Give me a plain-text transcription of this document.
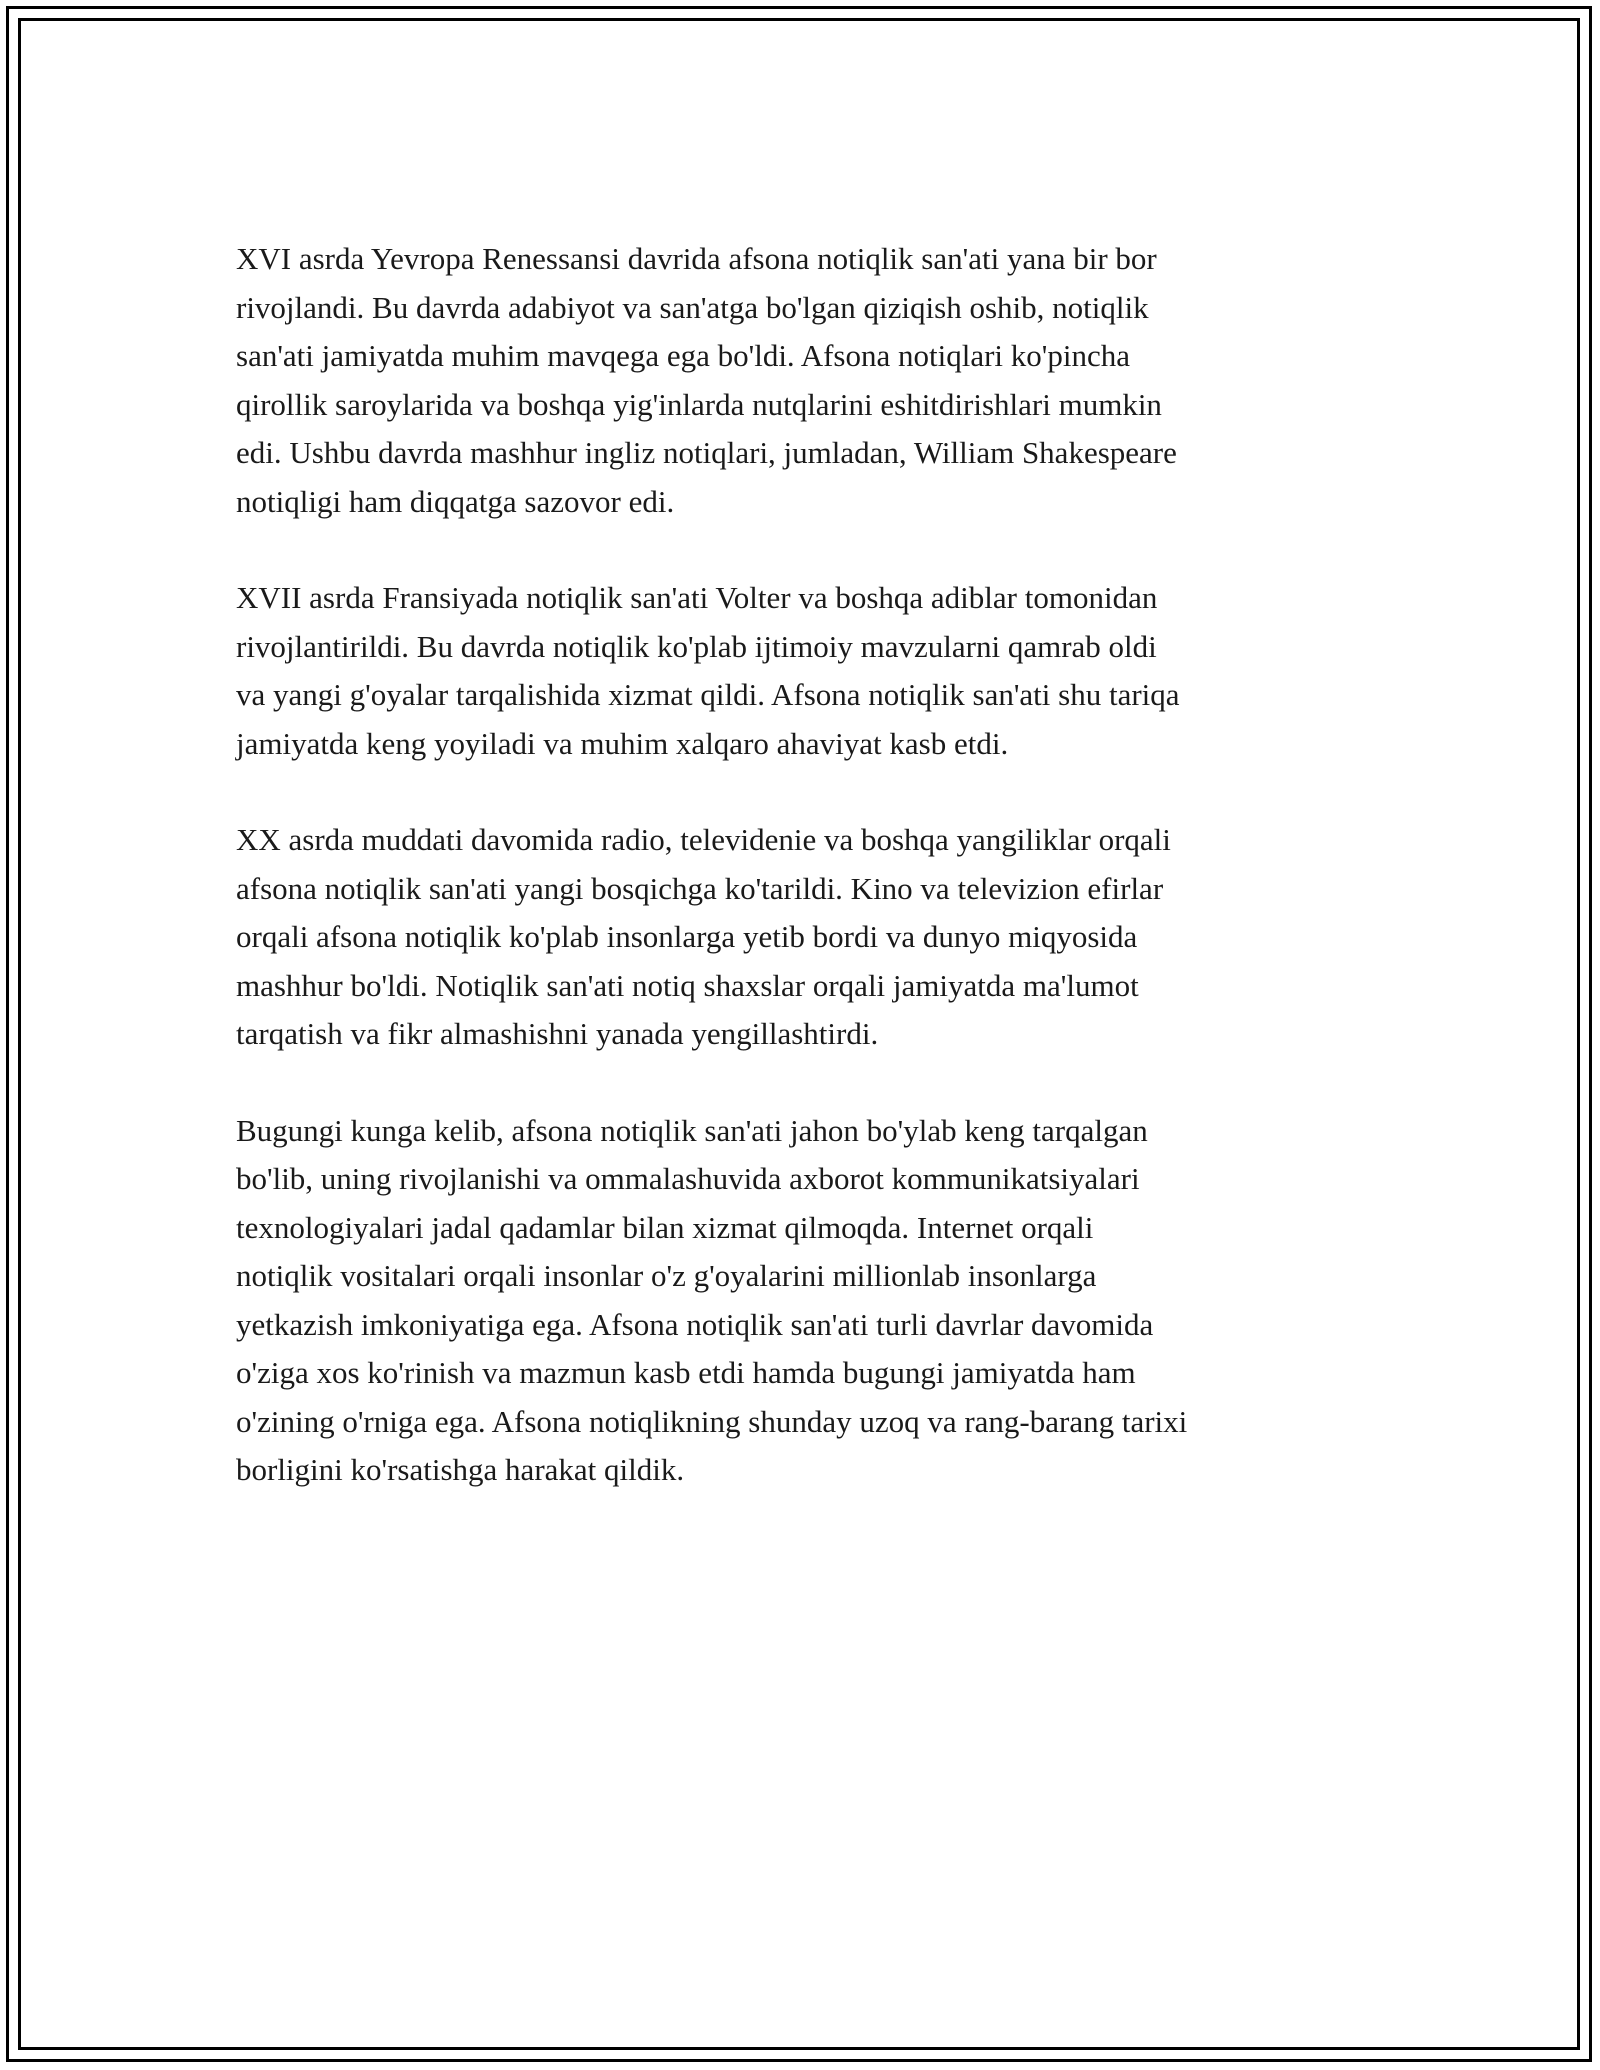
XVI asrda Yevropa Renessansi davrida afsona notiqlik san'ati yana bir bor
rivojlandi. Bu davrda adabiyot va san'atga bo'lgan qiziqish oshib, notiqlik
san'ati jamiyatda muhim mavqega ega bo'ldi. Afsona notiqlari ko'pincha
qirollik saroylarida va boshqa yig'inlarda nutqlarini eshitdirishlari mumkin
edi. Ushbu davrda mashhur ingliz notiqlari, jumladan, William Shakespeare
notiqligi ham diqqatga sazovor edi.

XVII asrda Fransiyada notiqlik san'ati Volter va boshqa adiblar tomonidan
rivojlantirildi. Bu davrda notiqlik ko'plab ijtimoiy mavzularni qamrab oldi
va yangi g'oyalar tarqalishida xizmat qildi. Afsona notiqlik san'ati shu tariqa
jamiyatda keng yoyiladi va muhim xalqaro ahaviyat kasb etdi.

XX asrda muddati davomida radio, televidenie va boshqa yangiliklar orqali
afsona notiqlik san'ati yangi bosqichga ko'tarildi. Kino va televizion efirlar
orqali afsona notiqlik ko'plab insonlarga yetib bordi va dunyo miqyosida
mashhur bo'ldi. Notiqlik san'ati notiq shaxslar orqali jamiyatda ma'lumot
tarqatish va fikr almashishni yanada yengillashtirdi.

Bugungi kunga kelib, afsona notiqlik san'ati jahon bo'ylab keng tarqalgan
bo'lib, uning rivojlanishi va ommalashuvida axborot kommunikatsiyalari
texnologiyalari jadal qadamlar bilan xizmat qilmoqda. Internet orqali
notiqlik vositalari orqali insonlar o'z g'oyalarini millionlab insonlarga
yetkazish imkoniyatiga ega. Afsona notiqlik san'ati turli davrlar davomida
o'ziga xos ko'rinish va mazmun kasb etdi hamda bugungi jamiyatda ham
o'zining o'rniga ega. Afsona notiqlikning shunday uzoq va rang-barang tarixi
borligini ko'rsatishga harakat qildik.
